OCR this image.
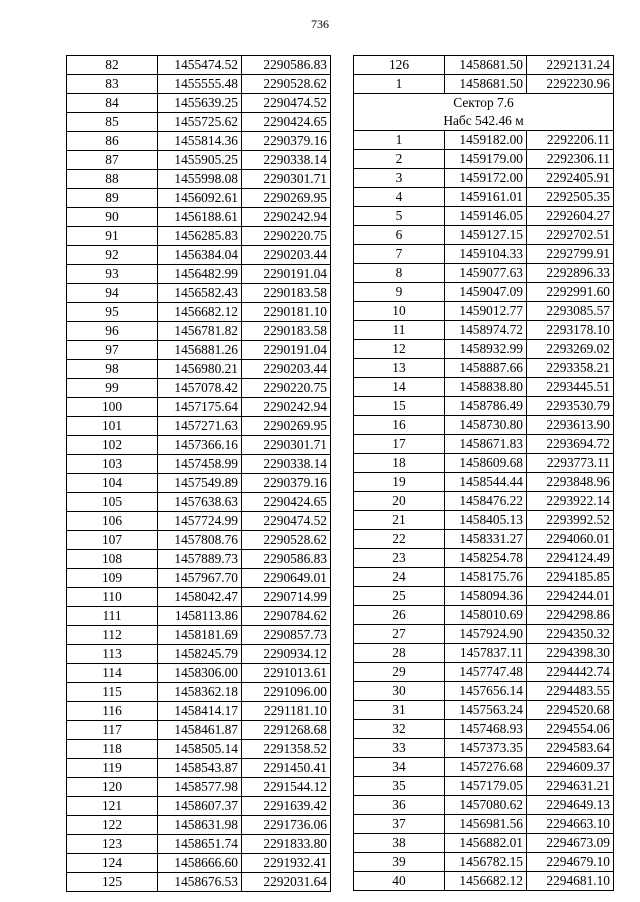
736
82	1455474.52	2290586.83
83	1455555.48	2290528.62
84	1455639.25	2290474.52
85	1455725.62	2290424.65
86	1455814.36	2290379.16
87	1455905.25	2290338.14
88	1455998.08	2290301.71
89	1456092.61	2290269.95
90	1456188.61	2290242.94
91	1456285.83	2290220.75
92	1456384.04	2290203.44
93	1456482.99	2290191.04
94	1456582.43	2290183.58
95	1456682.12	2290181.10
96	1456781.82	2290183.58
97	1456881.26	2290191.04
98	1456980.21	2290203.44
99	1457078.42	2290220.75
100	1457175.64	2290242.94
101	1457271.63	2290269.95
102	1457366.16	2290301.71
103	1457458.99	2290338.14
104	1457549.89	2290379.16
105	1457638.63	2290424.65
106	1457724.99	2290474.52
107	1457808.76	2290528.62
108	1457889.73	2290586.83
109	1457967.70	2290649.01
110	1458042.47	2290714.99
111	1458113.86	2290784.62
112	1458181.69	2290857.73
113	1458245.79	2290934.12
114	1458306.00	2291013.61
115	1458362.18	2291096.00
116	1458414.17	2291181.10
117	1458461.87	2291268.68
118	1458505.14	2291358.52
119	1458543.87	2291450.41
120	1458577.98	2291544.12
121	1458607.37	2291639.42
122	1458631.98	2291736.06
123	1458651.74	2291833.80
124	1458666.60	2291932.41
125	1458676.53	2292031.64
126	1458681.50	2292131.24
1	1458681.50	2292230.96
Сектор 7.6		
Набс 542.46 м		
1	1459182.00	2292206.11
2	1459179.00	2292306.11
3	1459172.00	2292405.91
4	1459161.01	2292505.35
5	1459146.05	2292604.27
6	1459127.15	2292702.51
7	1459104.33	2292799.91
8	1459077.63	2292896.33
9	1459047.09	2292991.60
10	1459012.77	2293085.57
11	1458974.72	2293178.10
12	1458932.99	2293269.02
13	1458887.66	2293358.21
14	1458838.80	2293445.51
15	1458786.49	2293530.79
16	1458730.80	2293613.90
17	1458671.83	2293694.72
18	1458609.68	2293773.11
19	1458544.44	2293848.96
20	1458476.22	2293922.14
21	1458405.13	2293992.52
22	1458331.27	2294060.01
23	1458254.78	2294124.49
24	1458175.76	2294185.85
25	1458094.36	2294244.01
26	1458010.69	2294298.86
27	1457924.90	2294350.32
28	1457837.11	2294398.30
29	1457747.48	2294442.74
30	1457656.14	2294483.55
31	1457563.24	2294520.68
32	1457468.93	2294554.06
33	1457373.35	2294583.64
34	1457276.68	2294609.37
35	1457179.05	2294631.21
36	1457080.62	2294649.13
37	1456981.56	2294663.10
38	1456882.01	2294673.09
39	1456782.15	2294679.10
40	1456682.12	2294681.10
